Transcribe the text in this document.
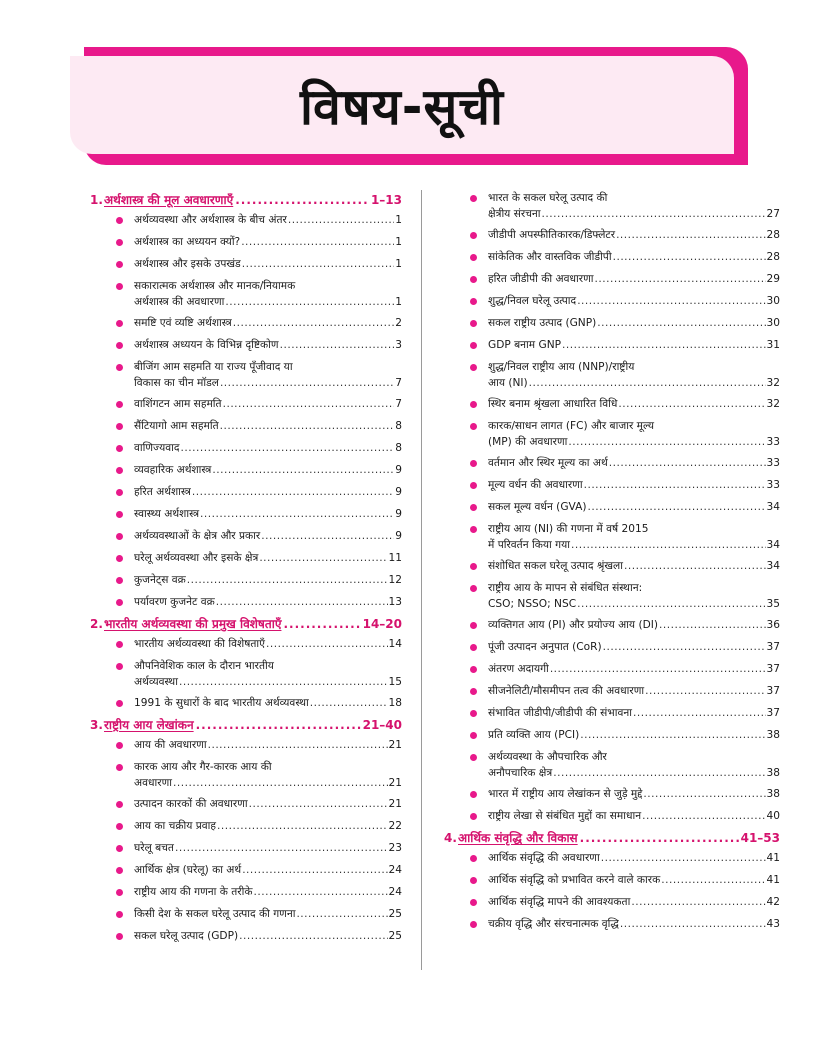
विषय-सूची
1. अर्थशास्त्र की मूल अवधारणाएँ .....	1–13
अर्थव्यवस्था और अर्थशास्त्र के बीच अंतर .....	1
अर्थशास्त्र का अध्ययन क्यों? .....	1
अर्थशास्त्र और इसके उपखंड .....	1
सकारात्मक अर्थशास्त्र और मानक/नियामक
अर्थशास्त्र की अवधारणा .....	1
समष्टि एवं व्यष्टि अर्थशास्त्र .....	2
अर्थशास्त्र अध्ययन के विभिन्न दृष्टिकोण .....	3
बीजिंग आम सहमति या राज्य पूँजीवाद या
विकास का चीन मॉडल .....	7
वाशिंगटन आम सहमति .....	7
सैंटियागो आम सहमति .....	8
वाणिज्यवाद .....	8
व्यवहारिक अर्थशास्त्र .....	9
हरित अर्थशास्त्र .....	9
स्वास्थ्य अर्थशास्त्र .....	9
अर्थव्यवस्थाओं के क्षेत्र और प्रकार .....	9
घरेलू अर्थव्यवस्था और इसके क्षेत्र .....	11
कुजनेट्स वक्र .....	12
पर्यावरण कुजनेट वक्र .....	13
2. भारतीय अर्थव्यवस्था की प्रमुख विशेषताएँ .....	14–20
भारतीय अर्थव्यवस्था की विशेषताएँ .....	14
औपनिवेशिक काल के दौरान भारतीय
अर्थव्यवस्था .....	15
1991 के सुधारों के बाद भारतीय अर्थव्यवस्था .....	18
3. राष्ट्रीय आय लेखांकन .....	21–40
आय की अवधारणा .....	21
कारक आय और गैर-कारक आय की
अवधारणा .....	21
उत्पादन कारकों की अवधारणा .....	21
आय का चक्रीय प्रवाह .....	22
घरेलू बचत .....	23
आर्थिक क्षेत्र (घरेलू) का अर्थ .....	24
राष्ट्रीय आय की गणना के तरीके .....	24
किसी देश के सकल घरेलू उत्पाद की गणना .....	25
सकल घरेलू उत्पाद (GDP) .....	25
भारत के सकल घरेलू उत्पाद की
क्षेत्रीय संरचना .....	27
जीडीपी अपस्फीतिकारक/डिफ्लेटर .....	28
सांकेतिक और वास्तविक जीडीपी .....	28
हरित जीडीपी की अवधारणा .....	29
शुद्ध/निवल घरेलू उत्पाद .....	30
सकल राष्ट्रीय उत्पाद (GNP) .....	30
GDP बनाम GNP .....	31
शुद्ध/निवल राष्ट्रीय आय (NNP)/राष्ट्रीय
आय (NI) .....	32
स्थिर बनाम श्रृंखला आधारित विधि .....	32
कारक/साधन लागत (FC) और बाजार मूल्य
(MP) की अवधारणा .....	33
वर्तमान और स्थिर मूल्य का अर्थ .....	33
मूल्य वर्धन की अवधारणा .....	33
सकल मूल्य वर्धन (GVA) .....	34
राष्ट्रीय आय (NI) की गणना में वर्ष 2015
में परिवर्तन किया गया .....	34
संशोधित सकल घरेलू उत्पाद श्रृंखला .....	34
राष्ट्रीय आय के मापन से संबंधित संस्थान:
CSO; NSSO; NSC .....	35
व्यक्तिगत आय (PI) और प्रयोज्य आय (DI) .....	36
पूंजी उत्पादन अनुपात (CoR) .....	37
अंतरण अदायगी .....	37
सीजनेलिटी/मौसमीपन तत्व की अवधारणा .....	37
संभावित जीडीपी/जीडीपी की संभावना .....	37
प्रति व्यक्ति आय (PCI) .....	38
अर्थव्यवस्था के औपचारिक और
अनौपचारिक क्षेत्र .....	38
भारत में राष्ट्रीय आय लेखांकन से जुड़े मुद्दे .....	38
राष्ट्रीय लेखा से संबंधित मुद्दों का समाधान .....	40
4. आर्थिक संवृद्धि और विकास .....	41–53
आर्थिक संवृद्धि की अवधारणा .....	41
आर्थिक संवृद्धि को प्रभावित करने वाले कारक .....	41
आर्थिक संवृद्धि मापने की आवश्यकता .....	42
चक्रीय वृद्धि और संरचनात्मक वृद्धि .....	43
